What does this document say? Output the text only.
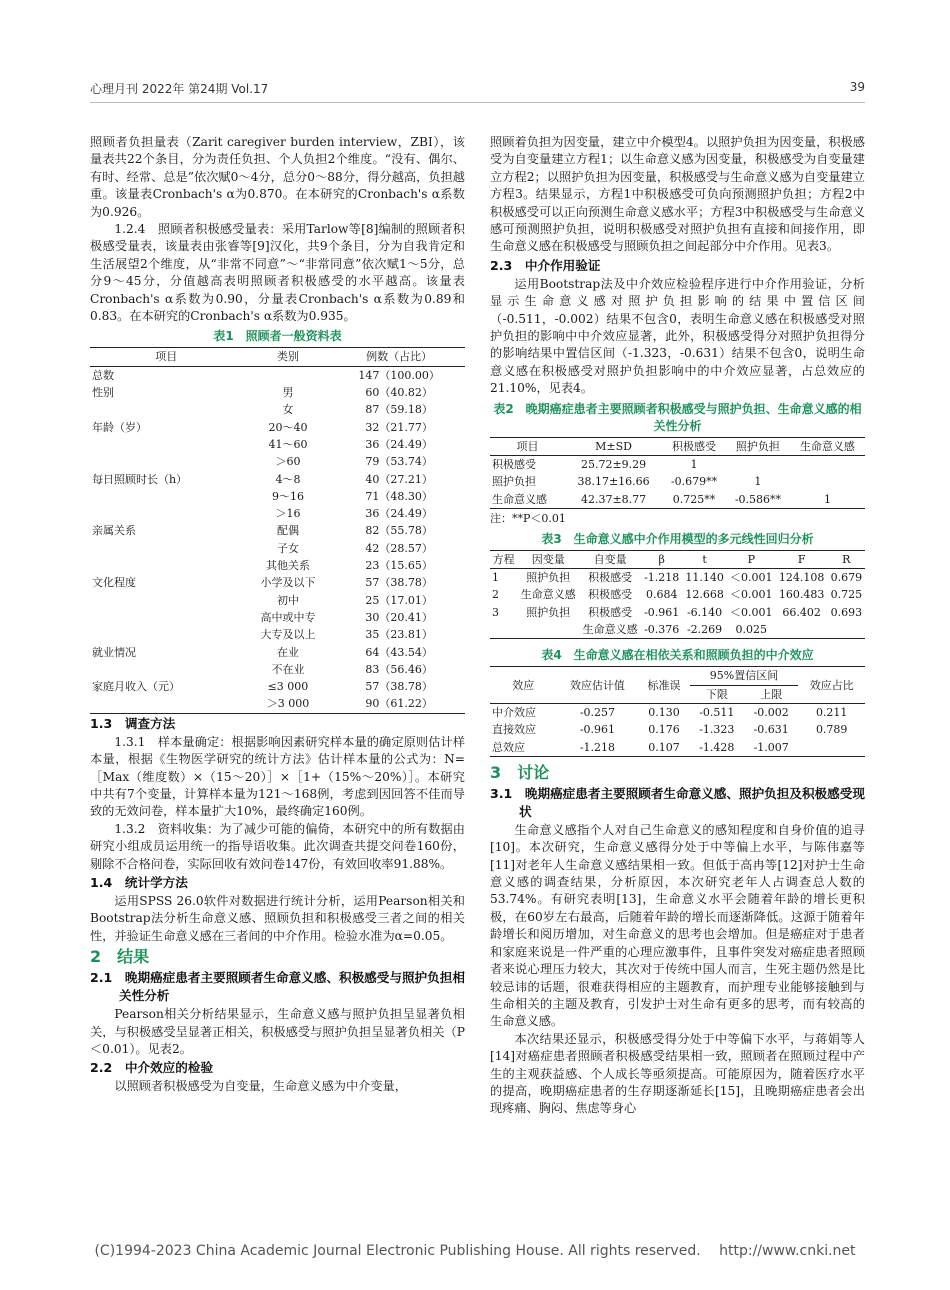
心理月刊 2022年 第24期 Vol.17	39

照顾者负担量表（Zarit caregiver burden interview，ZBI），该量表共22个条目，分为责任负担、个人负担2个维度。“没有、偶尔、有时、经常、总是”依次赋0～4分，总分0～88分，得分越高，负担越重。该量表Cronbach's α为0.870。在本研究的Cronbach's α系数为0.926。

1.2.4　照顾者积极感受量表：采用Tarlow等[8]编制的照顾者积极感受量表，该量表由张睿等[9]汉化，共9个条目，分为自我肯定和生活展望2个维度，从“非常不同意”～“非常同意”依次赋1～5分，总分9～45分，分值越高表明照顾者积极感受的水平越高。该量表Cronbach's α系数为0.90，分量表Cronbach's α系数为0.89和0.83。在本研究的Cronbach's α系数为0.935。

表1　照顾者一般资料表
项目	类别	例数（占比）
总数		147（100.00）
性别	男	60（40.82）
	女	87（59.18）
年龄（岁）	20～40	32（21.77）
	41～60	36（24.49）
	＞60	79（53.74）
每日照顾时长（h）	4～8	40（27.21）
	9～16	71（48.30）
	＞16	36（24.49）
亲属关系	配偶	82（55.78）
	子女	42（28.57）
	其他关系	23（15.65）
文化程度	小学及以下	57（38.78）
	初中	25（17.01）
	高中或中专	30（20.41）
	大专及以上	35（23.81）
就业情况	在业	64（43.54）
	不在业	83（56.46）
家庭月收入（元）	≤3 000	57（38.78）
	＞3 000	90（61.22）
1.3　调查方法

1.3.1　样本量确定：根据影响因素研究样本量的确定原则估计样本量，根据《生物医学研究的统计方法》估计样本量的公式为：N=［Max（维度数）×（15～20）］×［1+（15%～20%）］。本研究中共有7个变量，计算样本量为121～168例，考虑到因回答不佳而导致的无效问卷，样本量扩大10%，最终确定160例。

1.3.2　资料收集：为了减少可能的偏倚，本研究中的所有数据由研究小组成员运用统一的指导语收集。此次调查共提交问卷160份，剔除不合格问卷，实际回收有效问卷147份，有效回收率91.88%。

1.4　统计学方法

运用SPSS 26.0软件对数据进行统计分析，运用Pearson相关和Bootstrap法分析生命意义感、照顾负担和积极感受三者之间的相关性，并验证生命意义感在三者间的中介作用。检验水准为α=0.05。

2　结果
2.1　晚期癌症患者主要照顾者生命意义感、积极感受与照护负担相关性分析

Pearson相关分析结果显示，生命意义感与照护负担呈显著负相关，与积极感受呈显著正相关，积极感受与照护负担呈显著负相关（P＜0.01）。见表2。

2.2　中介效应的检验

以照顾者积极感受为自变量，生命意义感为中介变量，

照顾着负担为因变量，建立中介模型4。以照护负担为因变量，积极感受为自变量建立方程1；以生命意义感为因变量，积极感受为自变量建立方程2；以照护负担为因变量，积极感受与生命意义感为自变量建立方程3。结果显示，方程1中积极感受可负向预测照护负担；方程2中积极感受可以正向预测生命意义感水平；方程3中积极感受与生命意义感可预测照护负担，说明积极感受对照护负担有直接和间接作用，即生命意义感在积极感受与照顾负担之间起部分中介作用。见表3。

2.3　中介作用验证

运用Bootstrap法及中介效应检验程序进行中介作用验证，分析显示生命意义感对照护负担影响的结果中置信区间（-0.511，-0.002）结果不包含0，表明生命意义感在积极感受对照护负担的影响中中介效应显著，此外，积极感受得分对照护负担得分的影响结果中置信区间（-1.323，-0.631）结果不包含0，说明生命意义感在积极感受对照护负担影响中的中介效应显著，占总效应的21.10%，见表4。

表2　晚期癌症患者主要照顾者积极感受与照护负担、生命意义感的相关性分析
项目	M±SD	积极感受	照护负担	生命意义感
积极感受	25.72±9.29	1		
照护负担	38.17±16.66	-0.679**	1	
生命意义感	42.37±8.77	0.725**	-0.586**	1
注：**P＜0.01
表3　生命意义感中介作用模型的多元线性回归分析
方程	因变量	自变量	β	t	P	F	R
1	照护负担	积极感受	-1.218	11.140	＜0.001	124.108	0.679
2	生命意义感	积极感受	0.684	12.668	＜0.001	160.483	0.725
3	照护负担	积极感受	-0.961	-6.140	＜0.001	66.402	0.693
		生命意义感	-0.376	-2.269	0.025		
表4　生命意义感在相依关系和照顾负担的中介效应
效应	效应估计值	标准误	95%置信区间		效应占比
			下限	上限	
中介效应	-0.257	0.130	-0.511	-0.002	0.211
直接效应	-0.961	0.176	-1.323	-0.631	0.789
总效应	-1.218	0.107	-1.428	-1.007	
3　讨论
3.1　晚期癌症患者主要照顾者生命意义感、照护负担及积极感受现状

生命意义感指个人对自己生命意义的感知程度和自身价值的追寻[10]。本次研究，生命意义感得分处于中等偏上水平，与陈伟嘉等[11]对老年人生命意义感结果相一致。但低于高冉等[12]对护士生命意义感的调查结果，分析原因，本次研究老年人占调查总人数的53.74%。有研究表明[13]，生命意义水平会随着年龄的增长更积极，在60岁左右最高，后随着年龄的增长而逐渐降低。这源于随着年龄增长和阅历增加，对生命意义的思考也会增加。但是癌症对于患者和家庭来说是一件严重的心理应激事件，且事件突发对癌症患者照顾者来说心理压力较大，其次对于传统中国人而言，生死主题仍然是比较忌讳的话题，很难获得相应的主题教育，而护理专业能够接触到与生命相关的主题及教育，引发护士对生命有更多的思考，而有较高的生命意义感。

本次结果还显示，积极感受得分处于中等偏下水平，与蒋娟等人[14]对癌症患者照顾者积极感受结果相一致，照顾者在照顾过程中产生的主观获益感、个人成长等亟须提高。可能原因为，随着医疗水平的提高，晚期癌症患者的生存期逐渐延长[15]，且晚期癌症患者会出现疼痛、胸闷、焦虑等身心

(C)1994-2023 China Academic Journal Electronic Publishing House. All rights reserved.　 http://www.cnki.net
